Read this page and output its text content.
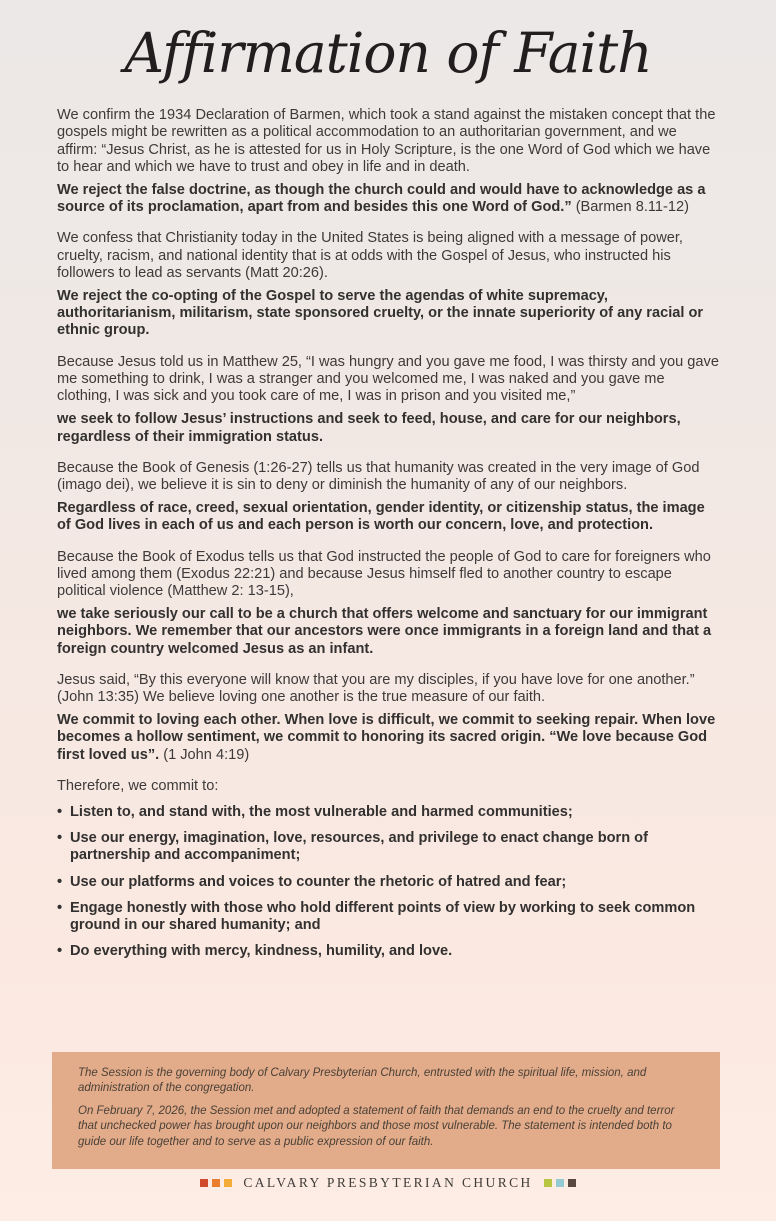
Affirmation of Faith
We confirm the 1934 Declaration of Barmen, which took a stand against the mistaken concept that the gospels might be rewritten as a political accommodation to an authoritarian government, and we affirm: “Jesus Christ, as he is attested for us in Holy Scripture, is the one Word of God which we have to hear and which we have to trust and obey in life and in death.
We reject the false doctrine, as though the church could and would have to acknowledge as a source of its proclamation, apart from and besides this one Word of God.” (Barmen 8.11-12)
We confess that Christianity today in the United States is being aligned with a message of power, cruelty, racism, and national identity that is at odds with the Gospel of Jesus, who instructed his followers to lead as servants (Matt 20:26).
We reject the co-opting of the Gospel to serve the agendas of white supremacy, authoritarianism, militarism, state sponsored cruelty, or the innate superiority of any racial or ethnic group.
Because Jesus told us in Matthew 25, “I was hungry and you gave me food, I was thirsty and you gave me something to drink, I was a stranger and you welcomed me, I was naked and you gave me clothing, I was sick and you took care of me, I was in prison and you visited me,”
we seek to follow Jesus’ instructions and seek to feed, house, and care for our neighbors, regardless of their immigration status.
Because the Book of Genesis (1:26-27) tells us that humanity was created in the very image of God (imago dei), we believe it is sin to deny or diminish the humanity of any of our neighbors.
Regardless of race, creed, sexual orientation, gender identity, or citizenship status, the image of God lives in each of us and each person is worth our concern, love, and protection.
Because the Book of Exodus tells us that God instructed the people of God to care for foreigners who lived among them (Exodus 22:21) and because Jesus himself fled to another country to escape political violence (Matthew 2: 13-15),
we take seriously our call to be a church that offers welcome and sanctuary for our immigrant neighbors. We remember that our ancestors were once immigrants in a foreign land and that a foreign country welcomed Jesus as an infant.
Jesus said, “By this everyone will know that you are my disciples, if you have love for one another.” (John 13:35) We believe loving one another is the true measure of our faith.
We commit to loving each other. When love is difficult, we commit to seeking repair. When love becomes a hollow sentiment, we commit to honoring its sacred origin. “We love because God first loved us”. (1 John 4:19)
Therefore, we commit to:
• Listen to, and stand with, the most vulnerable and harmed communities;
• Use our energy, imagination, love, resources, and privilege to enact change born of partnership and accompaniment;
• Use our platforms and voices to counter the rhetoric of hatred and fear;
• Engage honestly with those who hold different points of view by working to seek common ground in our shared humanity; and
• Do everything with mercy, kindness, humility, and love.

The Session is the governing body of Calvary Presbyterian Church, entrusted with the spiritual life, mission, and administration of the congregation.

On February 7, 2026, the Session met and adopted a statement of faith that demands an end to the cruelty and terror that unchecked power has brought upon our neighbors and those most vulnerable. The statement is intended both to guide our life together and to serve as a public expression of our faith.

CALVARY PRESBYTERIAN CHURCH
